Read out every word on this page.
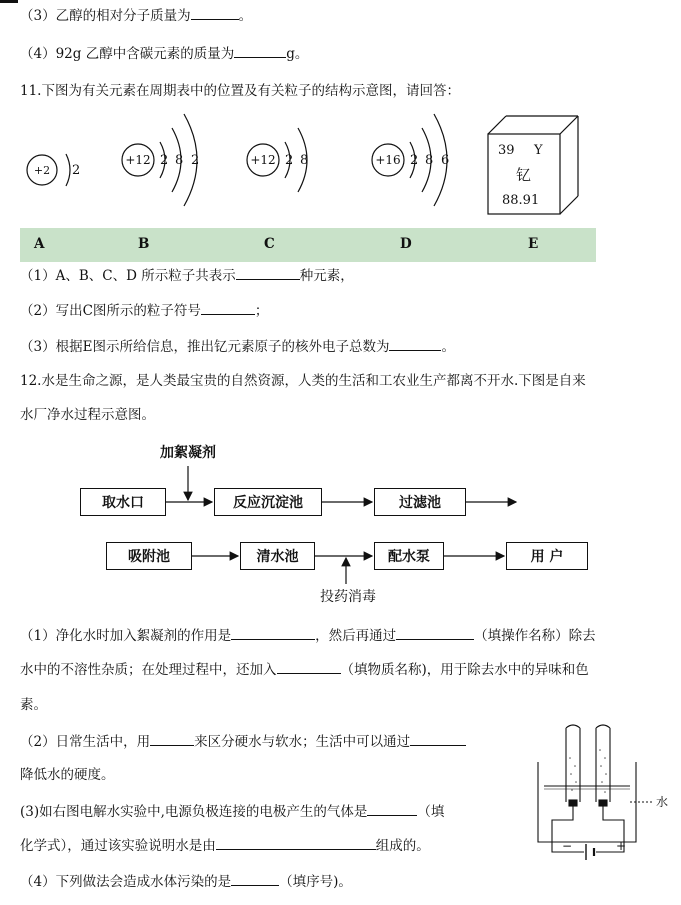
（3）乙醇的相对分子质量为	。
（4）92g 乙醇中含碳元素的质量为	g。
11.下图为有关元素在周期表中的位置及有关粒子的结构示意图，请回答：
+2 2
+12 2 8 2	+12 2 8	+16 2 8 6
39 Y
钇
88.91
A	B	C	D	E
（1）A、B、C、D 所示粒子共表示	种元素，
（2）写出C图所示的粒子符号	；
（3）根据E图示所给信息，推出钇元素原子的核外电子总数为	。
12.水是生命之源，是人类最宝贵的自然资源，人类的生活和工农业生产都离不开水.下图是自来
水厂净水过程示意图。
加絮凝剂
取水口	反应沉淀池	过滤池
吸附池	清水池	配水泵	用 户
投药消毒
（1）净化水时加入絮凝剂的作用是	，然后再通过	（填操作名称）除去
水中的不溶性杂质；在处理过程中，还加入	（填物质名称)，用于除去水中的异味和色
素。
（2）日常生活中，用	来区分硬水与软水；生活中可以通过
降低水的硬度。
(3)如右图电解水实验中,电源负极连接的电极产生的气体是	（填
化学式），通过该实验说明水是由	组成的。
（4）下列做法会造成水体污染的是	（填序号)。
水
−	+
